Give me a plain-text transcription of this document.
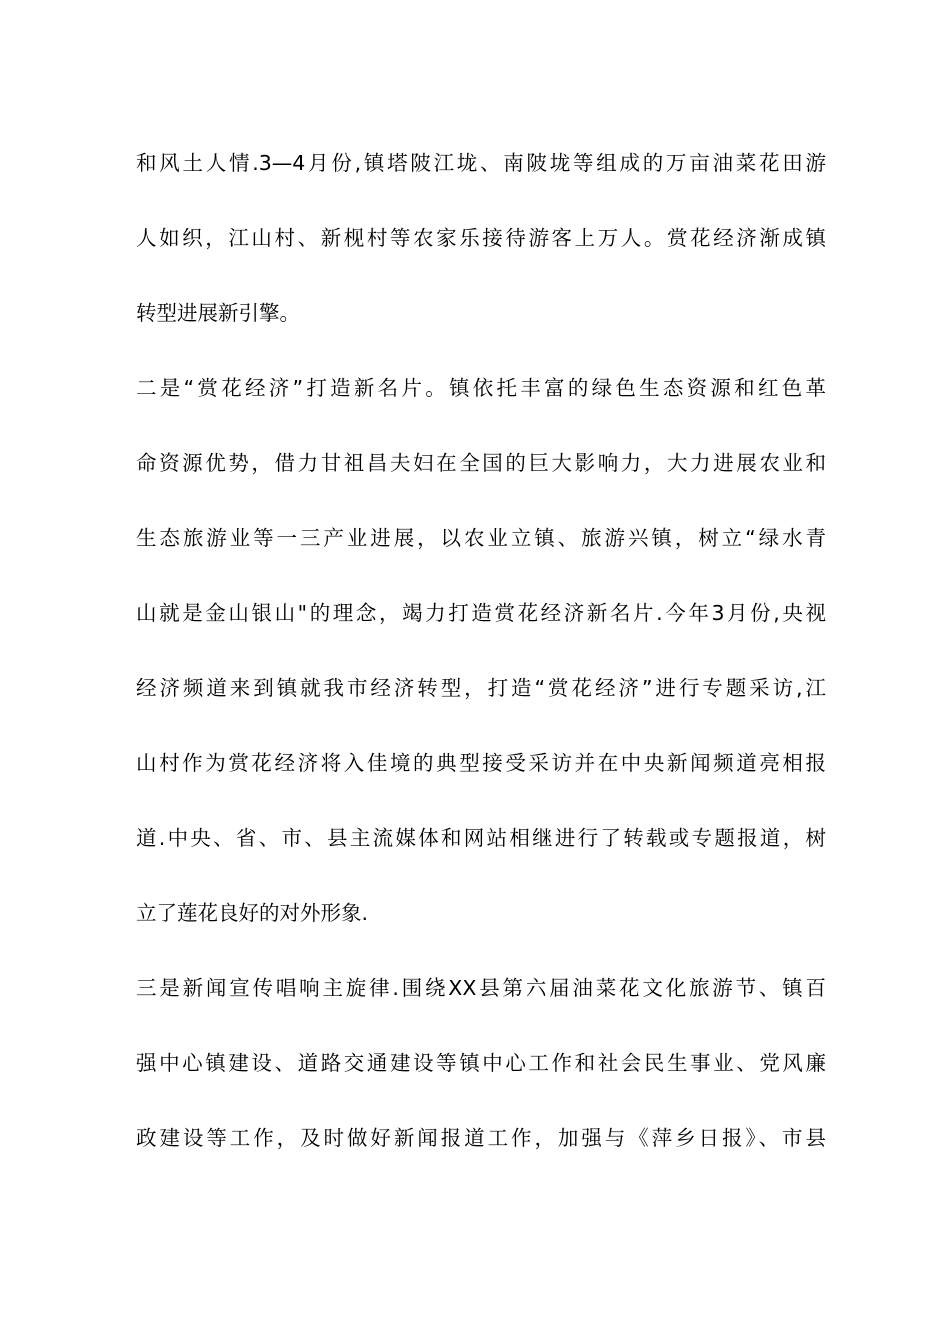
和风土人情.3—4月份,镇塔陂江垅、南陂垅等组成的万亩油菜花田游
人如织，江山村、新枧村等农家乐接待游客上万人。赏花经济渐成镇
转型进展新引擎。
二是“赏花经济”打造新名片。镇依托丰富的绿色生态资源和红色革
命资源优势，借力甘祖昌夫妇在全国的巨大影响力，大力进展农业和
生态旅游业等一三产业进展，以农业立镇、旅游兴镇，树立“绿水青
山就是金山银山"的理念，竭力打造赏花经济新名片.今年3月份,央视
经济频道来到镇就我市经济转型，打造“赏花经济”进行专题采访,江
山村作为赏花经济将入佳境的典型接受采访并在中央新闻频道亮相报
道.中央、省、市、县主流媒体和网站相继进行了转载或专题报道，树
立了莲花良好的对外形象.
三是新闻宣传唱响主旋律.围绕XX县第六届油菜花文化旅游节、镇百
强中心镇建设、道路交通建设等镇中心工作和社会民生事业、党风廉
政建设等工作，及时做好新闻报道工作，加强与《萍乡日报》、市县
